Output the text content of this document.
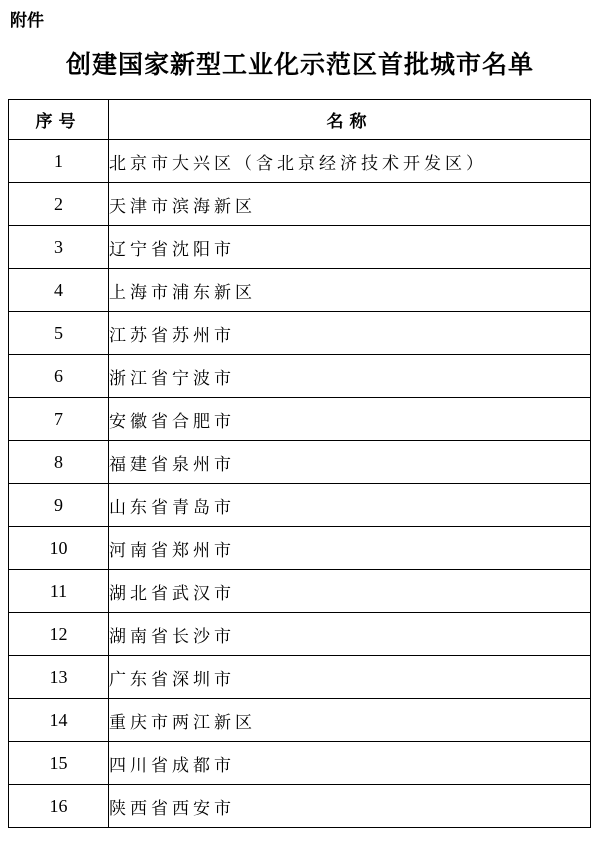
附件
创建国家新型工业化示范区首批城市名单
序号	名称
1	北京市大兴区（含北京经济技术开发区）
2	天津市滨海新区
3	辽宁省沈阳市
4	上海市浦东新区
5	江苏省苏州市
6	浙江省宁波市
7	安徽省合肥市
8	福建省泉州市
9	山东省青岛市
10	河南省郑州市
11	湖北省武汉市
12	湖南省长沙市
13	广东省深圳市
14	重庆市两江新区
15	四川省成都市
16	陕西省西安市
